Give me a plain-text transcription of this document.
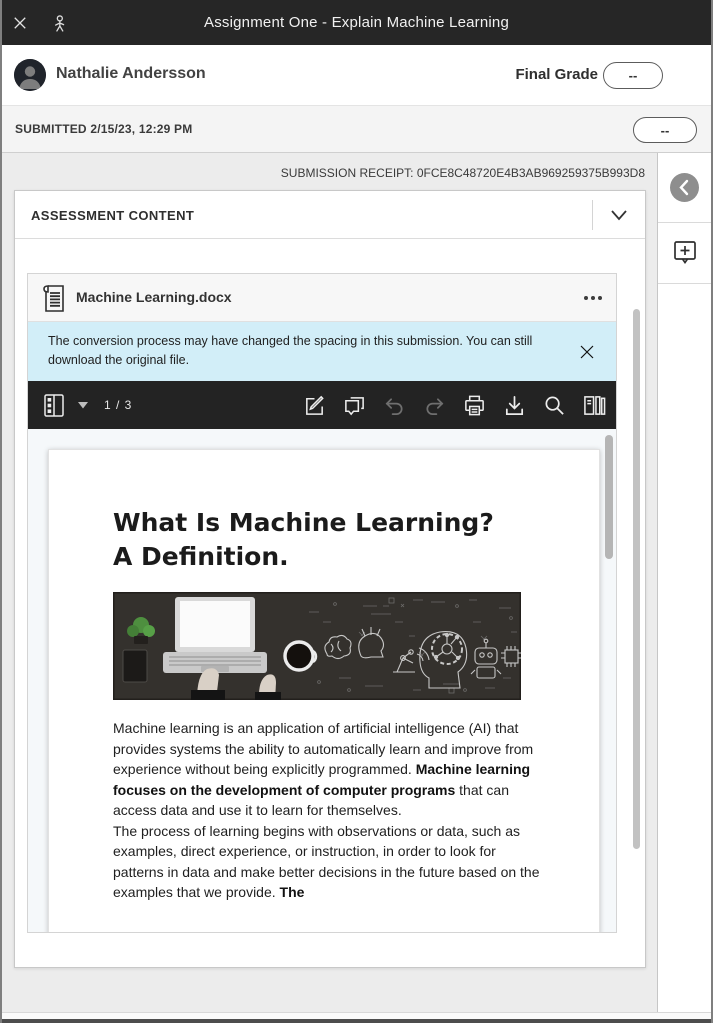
Assignment One - Explain Machine Learning
Nathalie Andersson	Final Grade	--
SUBMITTED 2/15/23, 12:29 PM	--
SUBMISSION RECEIPT: 0FCE8C48720E4B3AB969259375B993D8
ASSESSMENT CONTENT
Machine Learning.docx
The conversion process may have changed the spacing in this submission. You can still download the original file.
1 / 3
What Is Machine Learning? A Definition.

Machine learning is an application of artificial intelligence (AI) that provides systems the ability to automatically learn and improve from experience without being explicitly programmed. Machine learning focuses on the development of computer programs that can access data and use it to learn for themselves.

The process of learning begins with observations or data, such as examples, direct experience, or instruction, in order to look for patterns in data and make better decisions in the future based on the examples that we provide. The
